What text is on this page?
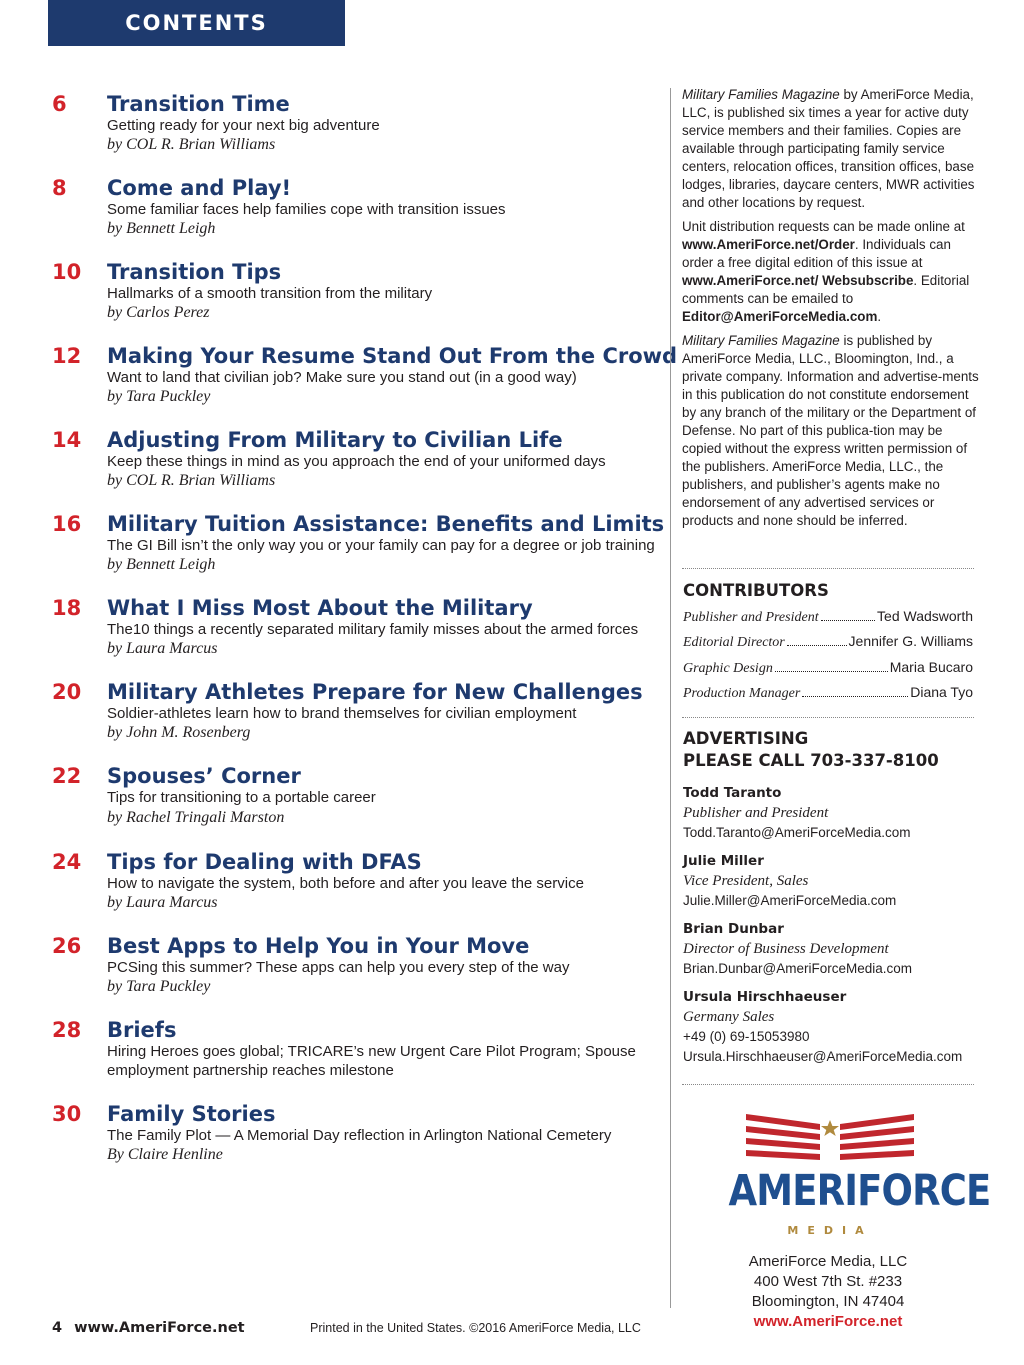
CONTENTS
6	Transition Time
Getting ready for your next big adventure
by COL R. Brian Williams
8	Come and Play!
Some familiar faces help families cope with transition issues
by Bennett Leigh
10	Transition Tips
Hallmarks of a smooth transition from the military
by Carlos Perez
12	Making Your Resume Stand Out From the Crowd
Want to land that civilian job? Make sure you stand out (in a good way)
by Tara Puckley
14	Adjusting From Military to Civilian Life
Keep these things in mind as you approach the end of your uniformed days
by COL R. Brian Williams
16	Military Tuition Assistance: Benefits and Limits
The GI Bill isn’t the only way you or your family can pay for a degree or job training
by Bennett Leigh
18	What I Miss Most About the Military
The10 things a recently separated military family misses about the armed forces
by Laura Marcus
20	Military Athletes Prepare for New Challenges
Soldier-athletes learn how to brand themselves for civilian employment
by John M. Rosenberg
22	Spouses’ Corner
Tips for transitioning to a portable career
by Rachel Tringali Marston
24	Tips for Dealing with DFAS
How to navigate the system, both before and after you leave the service
by Laura Marcus
26	Best Apps to Help You in Your Move
PCSing this summer? These apps can help you every step of the way
by Tara Puckley
28	Briefs
Hiring Heroes goes global; TRICARE’s new Urgent Care Pilot Program; Spouse employment partnership reaches milestone
30	Family Stories
The Family Plot — A Memorial Day reflection in Arlington National Cemetery
By Claire Henline

Military Families Magazine by AmeriForce Media, LLC, is published six times a year for active duty service members and their families. Copies are available through participating family service centers, relocation offices, transition offices, base lodges, libraries, daycare centers, MWR activities and other locations by request.

Unit distribution requests can be made online at www.AmeriForce.net/Order. Individuals can order a free digital edition of this issue at www.AmeriForce.net/ Websubscribe. Editorial comments can be emailed to Editor@AmeriForceMedia.com.

Military Families Magazine is published by AmeriForce Media, LLC., Bloomington, Ind., a private company. Information and advertise-ments in this publication do not constitute endorsement by any branch of the military or the Department of Defense. No part of this publica-tion may be copied without the express written permission of the publishers. AmeriForce Media, LLC., the publishers, and publisher’s agents make no endorsement of any advertised services or products and none should be inferred.

CONTRIBUTORS
Publisher and President	Ted Wadsworth
Editorial Director	Jennifer G. Williams
Graphic Design	Maria Bucaro
Production Manager	Diana Tyo
ADVERTISING
PLEASE CALL 703-337-8100
Todd Taranto
Publisher and President
Todd.Taranto@AmeriForceMedia.com
Julie Miller
Vice President, Sales
Julie.Miller@AmeriForceMedia.com
Brian Dunbar
Director of Business Development
Brian.Dunbar@AmeriForceMedia.com
Ursula Hirschhaeuser
Germany Sales
+49 (0) 69-15053980
Ursula.Hirschhaeuser@AmeriForceMedia.com
AMERIFORCE
MEDIA
AmeriForce Media, LLC
400 West 7th St. #233
Bloomington, IN 47404
www.AmeriForce.net
4 www.AmeriForce.net	Printed in the United States. ©2016 AmeriForce Media, LLC
